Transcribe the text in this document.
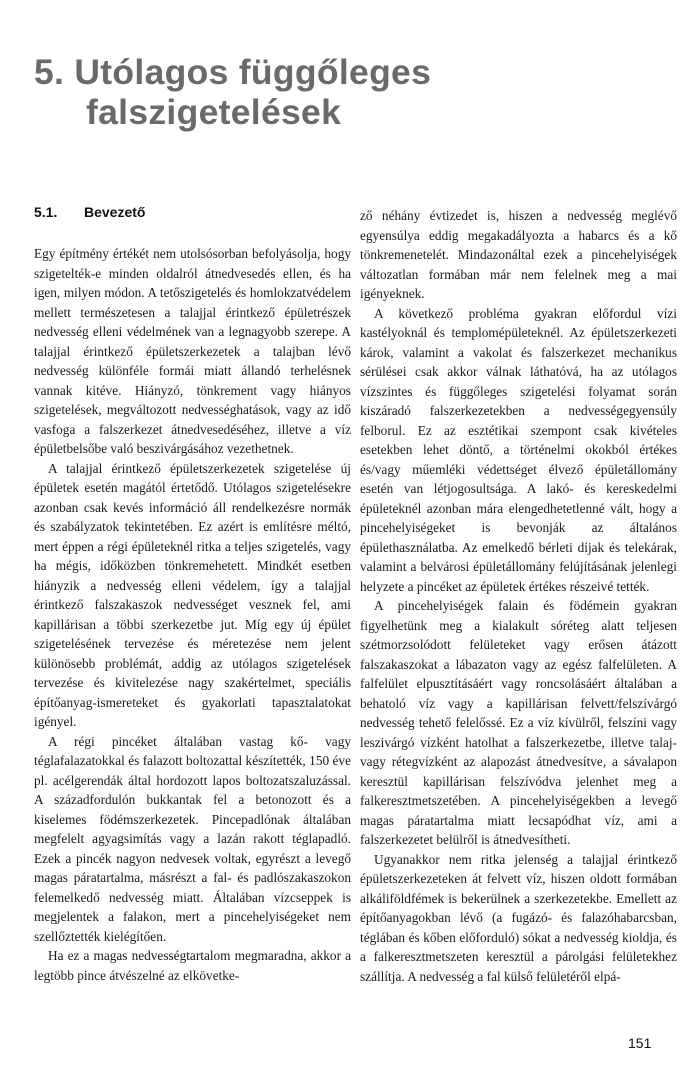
5. Utólagos függőleges
falszigetelések
5.1. Bevezető

Egy építmény értékét nem utolsósorban befolyásolja, hogy szigetelték-e minden oldalról átnedvesedés ellen, és ha igen, milyen módon. A tetőszigetelés és homlokzatvédelem mellett természetesen a talajjal érintkező épületrészek nedvesség elleni védelmének van a legnagyobb szerepe. A talajjal érintkező épületszerkezetek a talajban lévő nedvesség különféle formái miatt állandó terhelésnek vannak kitéve. Hiányzó, tönkrement vagy hiányos szigetelések, megváltozott nedvességhatások, vagy az idő vasfoga a falszerkezet átnedvesedéséhez, illetve a víz épületbelsőbe való beszivárgásához vezethetnek.

A talajjal érintkező épületszerkezetek szigetelése új épületek esetén magától értetődő. Utólagos szigetelésekre azonban csak kevés információ áll rendelkezésre normák és szabályzatok tekintetében. Ez azért is említésre méltó, mert éppen a régi épületeknél ritka a teljes szigetelés, vagy ha mégis, időközben tönkremehetett. Mindkét esetben hiányzik a nedvesség elleni védelem, így a talajjal érintkező falszakaszok nedvességet vesznek fel, ami kapillárisan a többi szerkezetbe jut. Míg egy új épület szigetelésének tervezése és méretezése nem jelent különösebb problémát, addig az utólagos szigetelések tervezése és kivitelezése nagy szakértelmet, speciális építőanyag-ismereteket és gyakorlati tapasztalatokat igényel.

A régi pincéket általában vastag kő- vagy téglafalazatokkal és falazott boltozattal készítették, 150 éve pl. acélgerendák által hordozott lapos boltozatszaluzással. A századfordulón bukkantak fel a betonozott és a kiselemes födémszerkezetek. Pincepadlónak általában megfelelt agyagsimítás vagy a lazán rakott téglapadló. Ezek a pincék nagyon nedvesek voltak, egyrészt a levegő magas páratartalma, másrészt a fal- és padlószakaszokon felemelkedő nedvesség miatt. Általában vízcseppek is megjelentek a falakon, mert a pincehelyiségeket nem szellőztették kielégítően.

Ha ez a magas nedvességtartalom megmaradna, akkor a legtöbb pince átvészelné az elkövetke-

ző néhány évtizedet is, hiszen a nedvesség meglévő egyensúlya eddig megakadályozta a habarcs és a kő tönkremenetelét. Mindazonáltal ezek a pincehelyiségek változatlan formában már nem felelnek meg a mai igényeknek.

A következő probléma gyakran előfordul vízi kastélyoknál és templomépületeknél. Az épületszerkezeti károk, valamint a vakolat és falszerkezet mechanikus sérülései csak akkor válnak láthatóvá, ha az utólagos vízszintes és függőleges szigetelési folyamat során kiszáradó falszerkezetekben a nedvességegyensúly felborul. Ez az esztétikai szempont csak kivételes esetekben lehet döntő, a történelmi okokból értékes és/vagy műemléki védettséget élvező épületállomány esetén van létjogosultsága. A lakó- és kereskedelmi épületeknél azonban mára elengedhetetlenné vált, hogy a pincehelyiségeket is bevonják az általános épülethasználatba. Az emelkedő bérleti díjak és telekárak, valamint a belvárosi épületállomány felújításának jelenlegi helyzete a pincéket az épületek értékes részeivé tették.

A pincehelyiségek falain és födémein gyakran figyelhetünk meg a kialakult sóréteg alatt teljesen szétmorzsolódott felületeket vagy erősen átázott falszakaszokat a lábazaton vagy az egész falfelületen. A falfelület elpusztításáért vagy roncsolásáért általában a behatoló víz vagy a kapillárisan felvett/felszívárgó nedvesség tehető felelőssé. Ez a víz kívülről, felszíni vagy leszivárgó vízként hatolhat a falszerkezetbe, illetve talaj- vagy rétegvízként az alapozást átnedvesítve, a sávalapon keresztül kapillárisan felszívódva jelenhet meg a falkeresztmetszetében. A pincehelyiségekben a levegő magas páratartalma miatt lecsapódhat víz, ami a falszerkezetet belülről is átnedvesítheti.

Ugyanakkor nem ritka jelenség a talajjal érintkező épületszerkezeteken át felvett víz, hiszen oldott formában alkáliföldfémek is bekerülnek a szerkezetekbe. Emellett az építőanyagokban lévő (a fugázó- és falazóhabarcsban, téglában és kőben előforduló) sókat a nedvesség kioldja, és a falkeresztmetszeten keresztül a párolgási felületekhez szállítja. A nedvesség a fal külső felületéről elpá-

151
